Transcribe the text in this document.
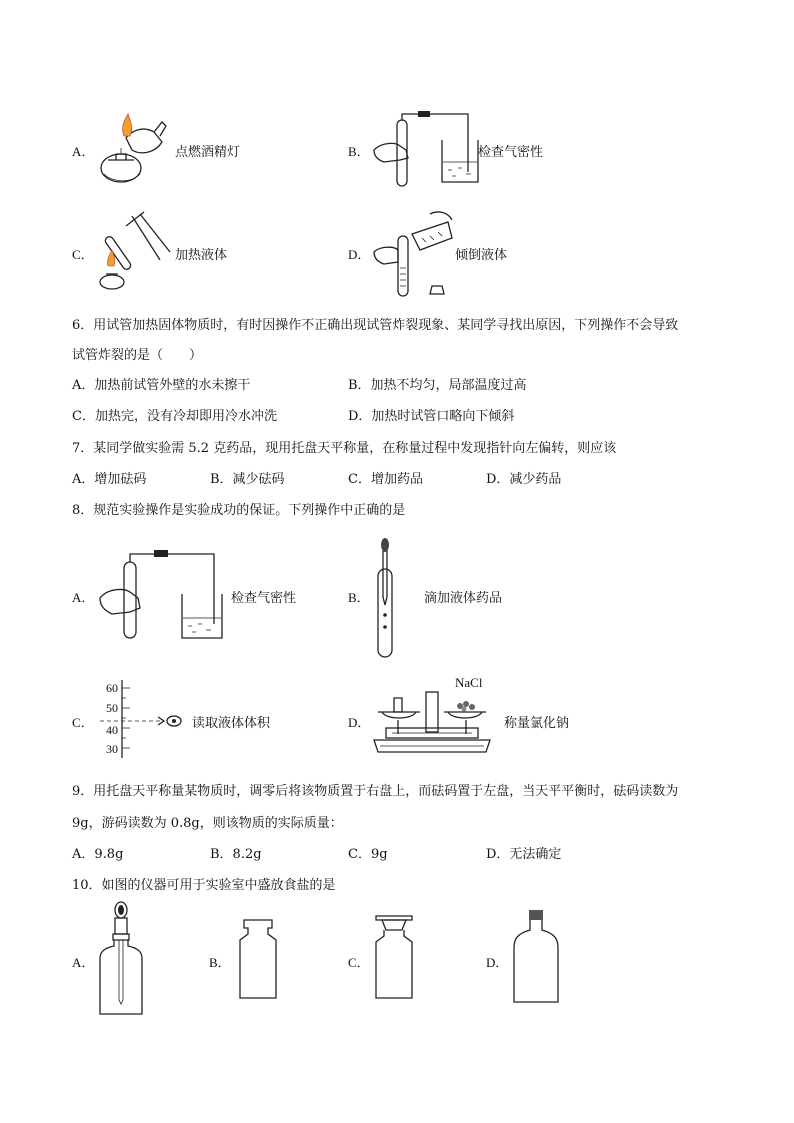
A．	点燃酒精灯	B．	检查气密性
C．	加热液体	D．	倾倒液体
6．用试管加热固体物质时，有时因操作不正确出现试管炸裂现象、某同学寻找出原因，下列操作不会导致
试管炸裂的是（　　）
A．加热前试管外壁的水未擦干	B．加热不均匀，局部温度过高
C．加热完，没有冷却即用冷水冲洗	D．加热时试管口略向下倾斜
7．某同学做实验需 5.2 克药品，现用托盘天平称量，在称量过程中发现指针向左偏转，则应该
A．增加砝码	B．减少砝码	C．增加药品	D．减少药品
8．规范实验操作是实验成功的保证。下列操作中正确的是
A．	检查气密性	B．	滴加液体药品
C．
60
50
40
30
读取液体体积	D．
NaCl
称量氯化钠
9．用托盘天平称量某物质时，调零后将该物质置于右盘上，而砝码置于左盘，当天平平衡时，砝码读数为
9g，游码读数为 0.8g，则该物质的实际质量：
A．9.8g	B．8.2g	C．9g	D．无法确定
10．如图的仪器可用于实验室中盛放食盐的是
A．	B．	C．	D．
